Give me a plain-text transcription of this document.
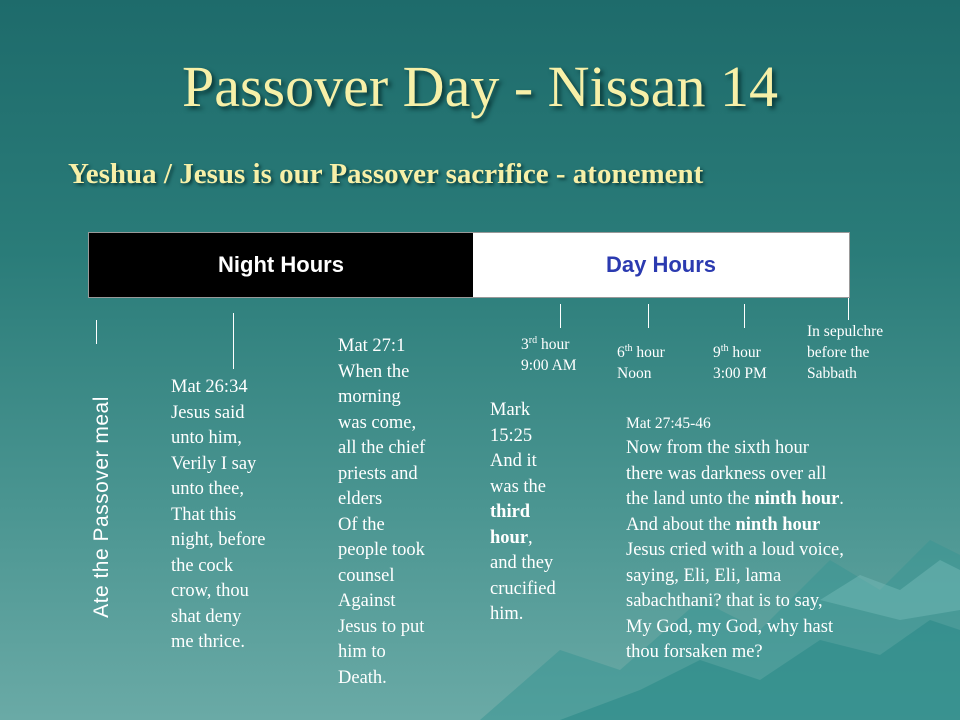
Passover Day - Nissan 14
Yeshua / Jesus is our Passover sacrifice - atonement
Night Hours	Day Hours
Ate the Passover meal
Mat 26:34
Jesus said
unto him,
Verily I say
unto thee,
That this
night, before
the cock
crow, thou
shat deny
me thrice.
Mat 27:1
When the
morning
was come,
all the chief
priests and
elders
Of the
people took
counsel
Against
Jesus to put
him to
Death.
Mark
15:25
And it
was the
third
hour,
and they
crucified
him.
3rd hour
9:00 AM
6th hour
Noon
9th hour
3:00 PM
In sepulchre
before the
Sabbath
Mat 27:45-46
Now from the sixth hour
there was darkness over all
the land unto the ninth hour.
And about the ninth hour
Jesus cried with a loud voice,
saying, Eli, Eli, lama
sabachthani? that is to say,
My God, my God, why hast
thou forsaken me?
